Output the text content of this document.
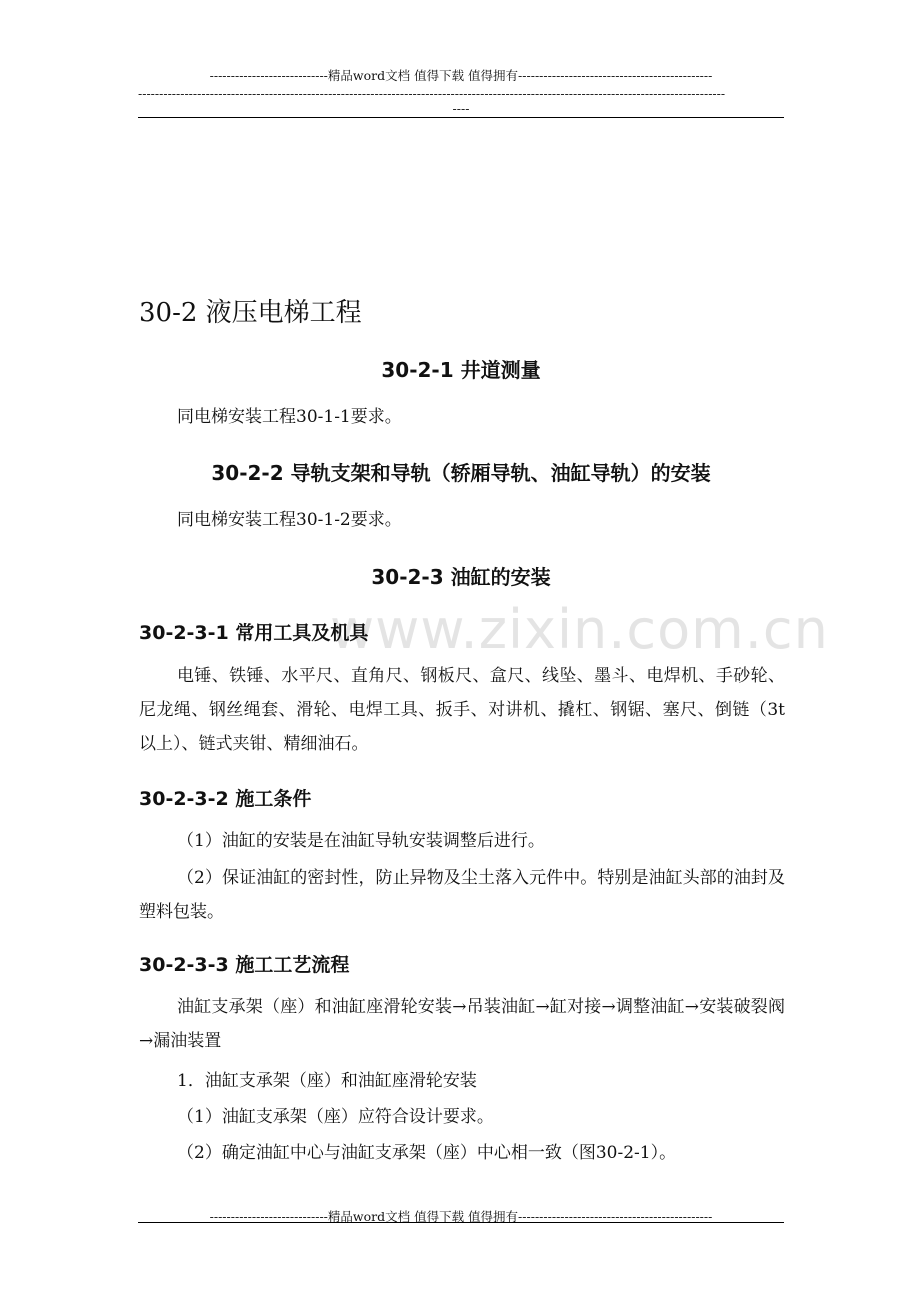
----------------------------精品word文档 值得下载 值得拥有----------------------------------------------
-------------------------------------------------------------------------------------------------------------------------------------------
----
www.zixin.com.cn
30-2 液压电梯工程
30-2-1 井道测量
同电梯安装工程30-1-1要求。
30-2-2 导轨支架和导轨（轿厢导轨、油缸导轨）的安装
同电梯安装工程30-1-2要求。
30-2-3 油缸的安装
30-2-3-1 常用工具及机具
电锤、铁锤、水平尺、直角尺、钢板尺、盒尺、线坠、墨斗、电焊机、手砂轮、尼龙绳、钢丝绳套、滑轮、电焊工具、扳手、对讲机、撬杠、钢锯、塞尺、倒链（3t以上）、链式夹钳、精细油石。
30-2-3-2 施工条件
（1）油缸的安装是在油缸导轨安装调整后进行。
（2）保证油缸的密封性，防止异物及尘土落入元件中。特别是油缸头部的油封及塑料包装。
30-2-3-3 施工工艺流程
油缸支承架（座）和油缸座滑轮安装→吊装油缸→缸对接→调整油缸→安装破裂阀→漏油装置
1．油缸支承架（座）和油缸座滑轮安装
（1）油缸支承架（座）应符合设计要求。
（2）确定油缸中心与油缸支承架（座）中心相一致（图30-2-1）。
----------------------------精品word文档 值得下载 值得拥有----------------------------------------------
